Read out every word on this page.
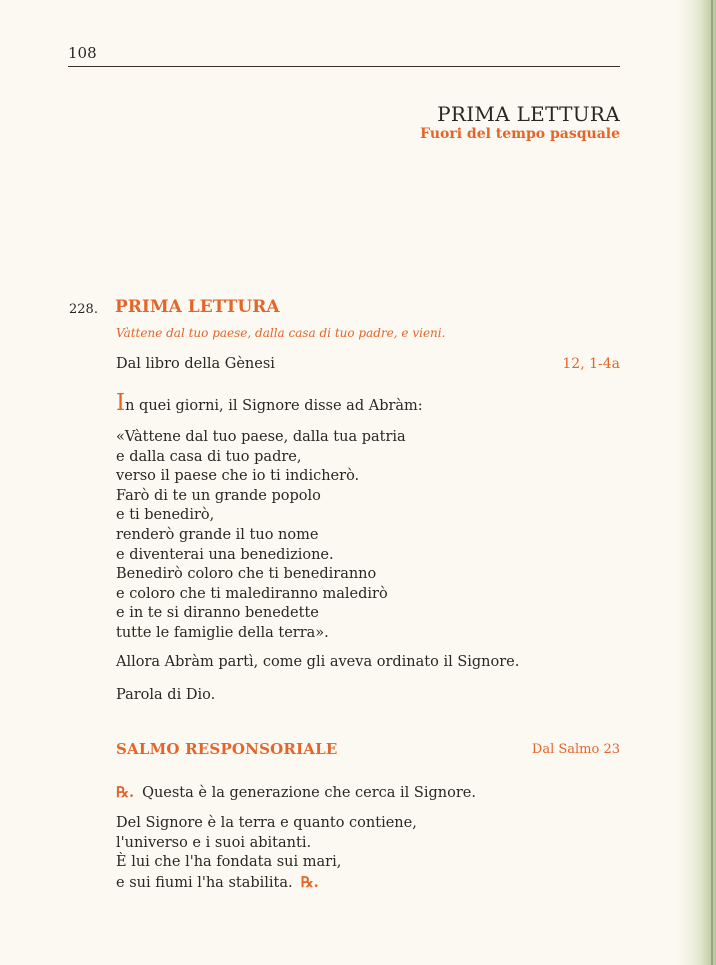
108
PRIMA LETTURA
Fuori del tempo pasquale
228. PRIMA LETTURA
Vàttene dal tuo paese, dalla casa di tuo padre, e vieni.
Dal libro della Gènesi	12, 1-4a
In quei giorni, il Signore disse ad Abràm:
«Vàttene dal tuo paese, dalla tua patria
e dalla casa di tuo padre,
verso il paese che io ti indicherò.
Farò di te un grande popolo
e ti benedirò,
renderò grande il tuo nome
e diventerai una benedizione.
Benedirò coloro che ti benediranno
e coloro che ti malediranno maledirò
e in te si diranno benedette
tutte le famiglie della terra».
Allora Abràm partì, come gli aveva ordinato il Signore.
Parola di Dio.
SALMO RESPONSORIALE	Dal Salmo 23
℞. Questa è la generazione che cerca il Signore.
Del Signore è la terra e quanto contiene,
l'universo e i suoi abitanti.
È lui che l'ha fondata sui mari,
e sui fiumi l'ha stabilita. ℞.
